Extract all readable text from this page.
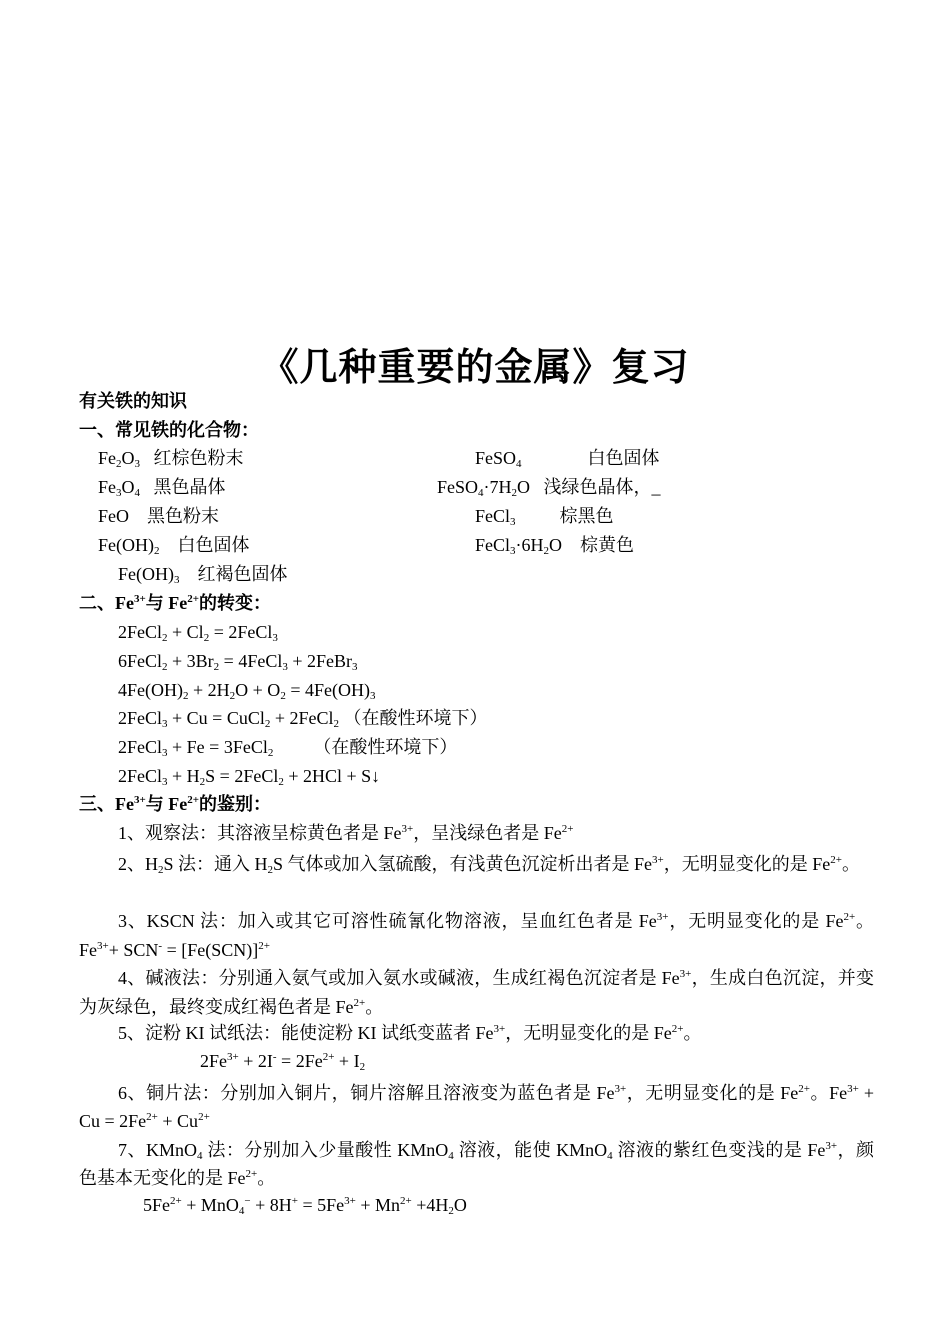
《几种重要的金属》复习
有关铁的知识
一、常见铁的化合物：
$Fe_2O_3$ 红棕色粉末	FeSO$_4$	白色固体
$Fe_3O_4$ 黑色晶体	$FeSO_4\cdot 7H_2O$ 浅绿色晶体，_
FeO 黑色粉末	FeCl$_3$ 棕黑色
$Fe(OH)_2$ 白色固体	$FeCl_3\cdot 6H_2O$ 棕黄色
$Fe(OH)_3$ 红褐色固体
二、$Fe^{3+}$与 $Fe^{2+}$的转变：
2FeCl$_2$ + $Cl_2$ = 2FeCl$_3$
6FeCl$_2$ + $3Br_2$ = 4FeCl$_3$ + 2FeBr$_3$
$4Fe(OH)_2 + 2H_2O + O_2 = 4Fe(OH)_3$
2FeCl$_3$ + Cu = CuCl$_2$ + 2FeCl$_2$ （在酸性环境下）
2FeCl$_3$ + Fe = 3FeCl$_2$ （在酸性环境下）
2FeCl$_3$ + $H_2S$ = 2FeCl$_2$ + 2HCl + S↓
三、$Fe^{3+}$与 $Fe^{2+}$的鉴别：
1、观察法：其溶液呈棕黄色者是 $Fe^{3+}$，呈浅绿色者是 $Fe^{2+}$
2、$H_2S$ 法：通入 $H_2S$ 气体或加入氢硫酸，有浅黄色沉淀析出者是 $Fe^{3+}$，无明显变化的是 $Fe^{2+}$。
3、KSCN 法：加入或其它可溶性硫氰化物溶液，呈血红色者是 $Fe^{3+}$，无明显变化的是 $Fe^{2+}$。$Fe^{3+}+ SCN^- = [Fe(SCN)]^{2+}$
4、碱液法：分别通入氨气或加入氨水或碱液，生成红褐色沉淀者是 $Fe^{3+}$，生成白色沉淀，并变为灰绿色，最终变成红褐色者是 $Fe^{2+}$。
5、淀粉 KI 试纸法：能使淀粉 KI 试纸变蓝者 $Fe^{3+}$，无明显变化的是 $Fe^{2+}$。
$2Fe^{3+} + 2I^- = 2Fe^{2+} + I_2$
6、铜片法：分别加入铜片，铜片溶解且溶液变为蓝色者是 $Fe^{3+}$，无明显变化的是 $Fe^{2+}$。$Fe^{3+} + Cu = 2Fe^{2+} + Cu^{2+}$
7、KMnO$_4$ 法：分别加入少量酸性 KMnO$_4$ 溶液，能使 KMnO$_4$ 溶液的紫红色变浅的是 $Fe^{3+}$，颜色基本无变化的是 $Fe^{2+}$。
$5Fe^{2+} + MnO_4^- + 8H^+ = 5Fe^{3+} + Mn^{2+} +4H_2O$
